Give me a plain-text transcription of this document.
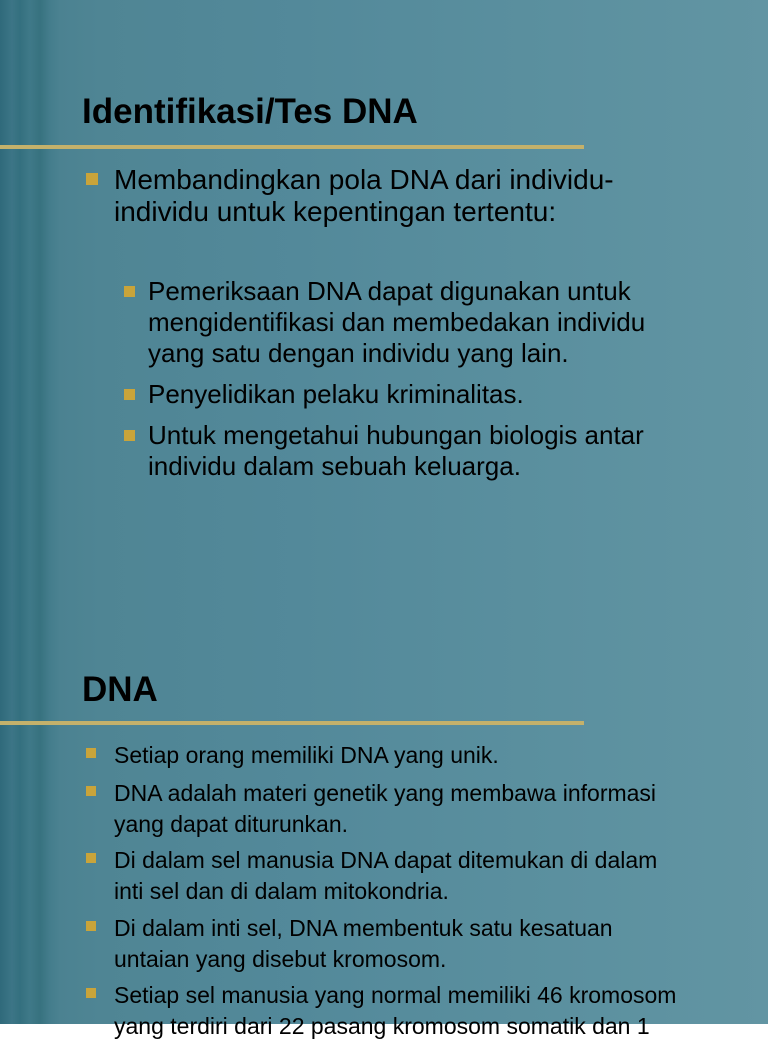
Identifikasi/Tes DNA
Membandingkan pola DNA dari individu-
individu untuk kepentingan tertentu:
Pemeriksaan DNA dapat digunakan untuk
mengidentifikasi dan membedakan individu
yang satu dengan individu yang lain.
Penyelidikan pelaku kriminalitas.
Untuk mengetahui hubungan biologis antar
individu dalam sebuah keluarga.
DNA
Setiap orang memiliki DNA yang unik.
DNA adalah materi genetik yang membawa informasi
yang dapat diturunkan.
Di dalam sel manusia DNA dapat ditemukan di dalam
inti sel dan di dalam mitokondria.
Di dalam inti sel, DNA membentuk satu kesatuan
untaian yang disebut kromosom.
Setiap sel manusia yang normal memiliki 46 kromosom
yang terdiri dari 22 pasang kromosom somatik dan 1
